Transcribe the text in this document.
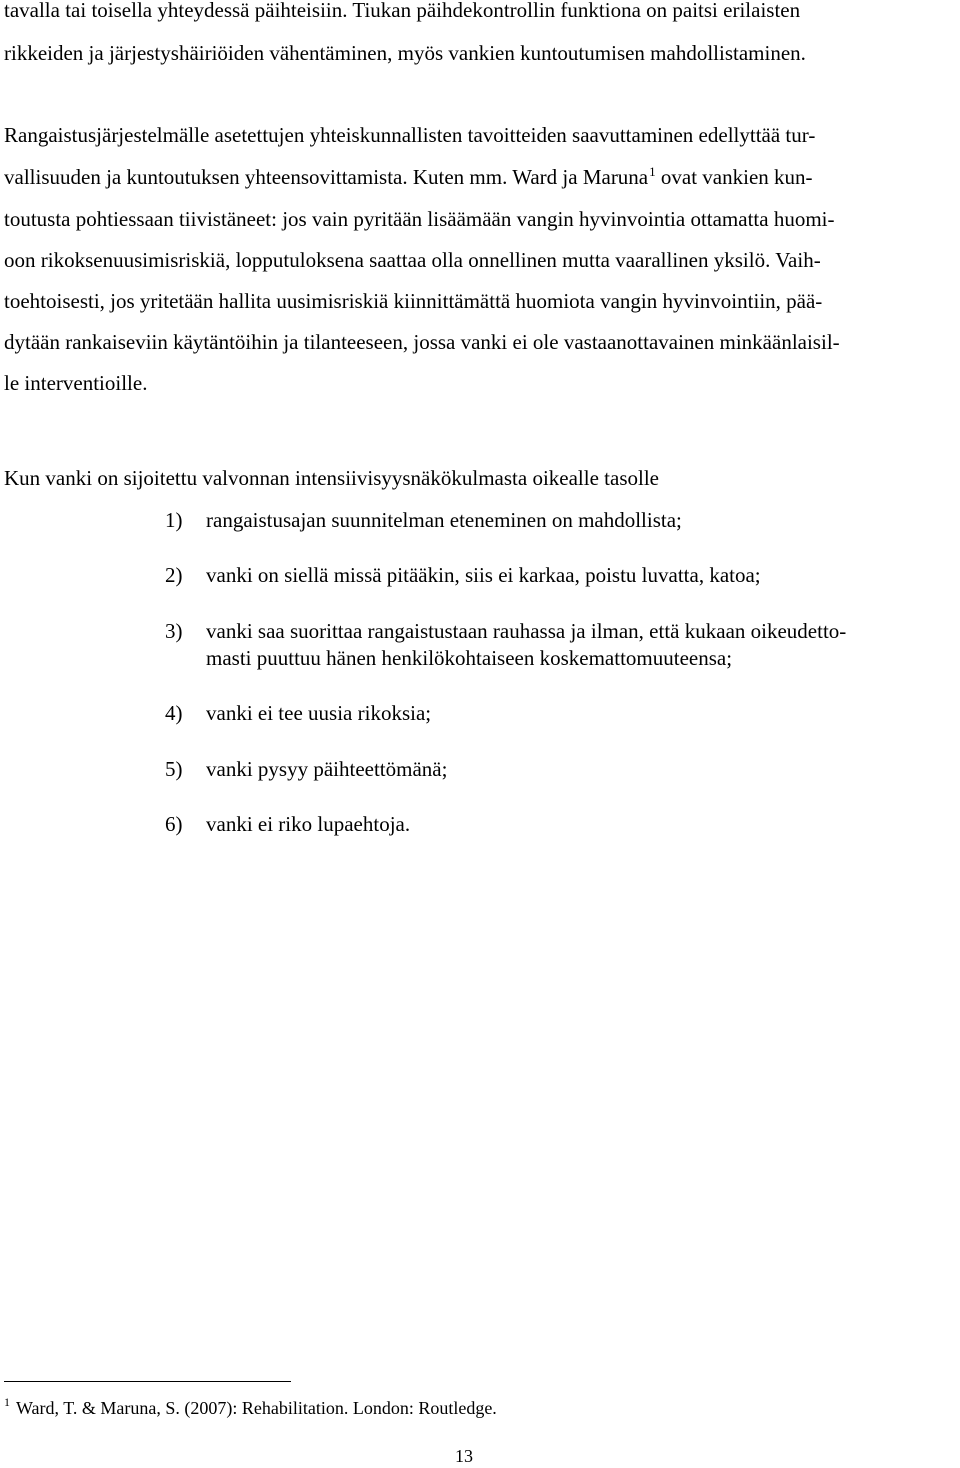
tavalla tai toisella yhteydessä päihteisiin. Tiukan päihdekontrollin funktiona on paitsi erilaisten
rikkeiden ja järjestyshäiriöiden vähentäminen, myös vankien kuntoutumisen mahdollistaminen.
Rangaistusjärjestelmälle asetettujen yhteiskunnallisten tavoitteiden saavuttaminen edellyttää tur-
vallisuuden ja kuntoutuksen yhteensovittamista. Kuten mm. Ward ja Maruna$^1$ ovat vankien kun-
toutusta pohtiessaan tiivistäneet: jos vain pyritään lisäämään vangin hyvinvointia ottamatta huomi-
oon rikoksenuusimisriskiä, lopputuloksena saattaa olla onnellinen mutta vaarallinen yksilö. Vaih-
toehtoisesti, jos yritetään hallita uusimisriskiä kiinnittämättä huomiota vangin hyvinvointiin, pää-
dytään rankaiseviin käytäntöihin ja tilanteeseen, jossa vanki ei ole vastaanottavainen minkäänlaisil-
le interventioille.
Kun vanki on sijoitettu valvonnan intensiivisyysnäkökulmasta oikealle tasolle
1) rangaistusajan suunnitelman eteneminen on mahdollista;
2) vanki on siellä missä pitääkin, siis ei karkaa, poistu luvatta, katoa;
3) vanki saa suorittaa rangaistustaan rauhassa ja ilman, että kukaan oikeudetto-
masti puuttuu hänen henkilökohtaiseen koskemattomuuteensa;
4) vanki ei tee uusia rikoksia;
5) vanki pysyy päihteettömänä;
6) vanki ei riko lupaehtoja.
$^1$ Ward, T. & Maruna, S. (2007): Rehabilitation. London: Routledge.
13
